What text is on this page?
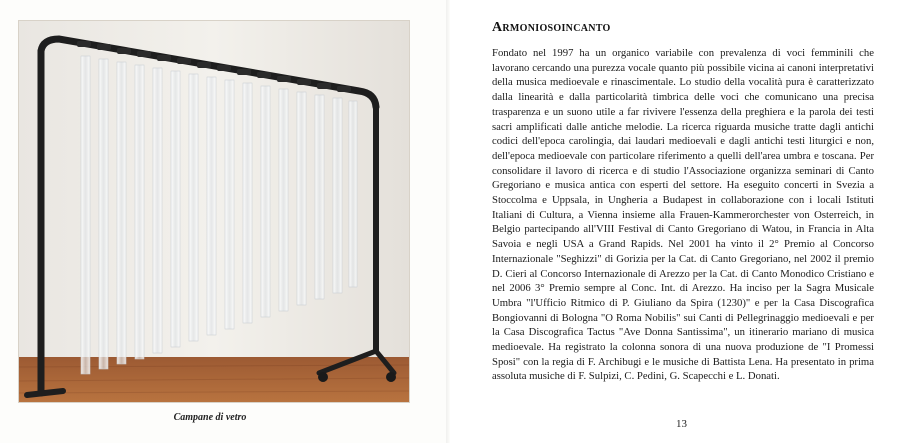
Campane di vetro
Armoniosoincanto

Fondato nel 1997 ha un organico variabile con prevalenza di voci femminili che lavorano cercando una purezza vocale quanto più possibile vicina ai canoni interpretativi della musica medioevale e rinascimentale. Lo studio della vocalità pura è caratterizzato dalla linearità e dalla particolarità timbrica delle voci che comunicano una precisa trasparenza e un suono utile a far rivivere l'essenza della preghiera e la parola dei testi sacri amplificati dalle antiche melodie. La ricerca riguarda musiche tratte dagli antichi codici dell'epoca carolingia, dai laudari medioevali e dagli antichi testi liturgici e non, dell'epoca medioevale con particolare riferimento a quelli dell'area umbra e toscana. Per consolidare il lavoro di ricerca e di studio l'Associazione organizza seminari di Canto Gregoriano e musica antica con esperti del settore. Ha eseguito concerti in Svezia a Stoccolma e Uppsala, in Ungheria a Budapest in collaborazione con i locali Istituti Italiani di Cultura, a Vienna insieme alla Frauen-Kammerorchester von Osterreich, in Belgio partecipando all'VIII Festival di Canto Gregoriano di Watou, in Francia in Alta Savoia e negli USA a Grand Rapids. Nel 2001 ha vinto il 2° Premio al Concorso Internazionale "Seghizzi" di Gorizia per la Cat. di Canto Gregoriano, nel 2002 il premio D. Cieri al Concorso Internazionale di Arezzo per la Cat. di Canto Monodico Cristiano e nel 2006 3° Premio sempre al Conc. Int. di Arezzo. Ha inciso per la Sagra Musicale Umbra "l'Ufficio Ritmico di P. Giuliano da Spira (1230)" e per la Casa Discografica Bongiovanni di Bologna "O Roma Nobilis" sui Canti di Pellegrinaggio medioevali e per la Casa Discografica Tactus "Ave Donna Santissima", un itinerario mariano di musica medioevale. Ha registrato la colonna sonora di una nuova produzione de "I Promessi Sposi" con la regia di F. Archibugi e le musiche di Battista Lena. Ha presentato in prima assoluta musiche di F. Sulpizi, C. Pedini, G. Scapecchi e L. Donati.

13
